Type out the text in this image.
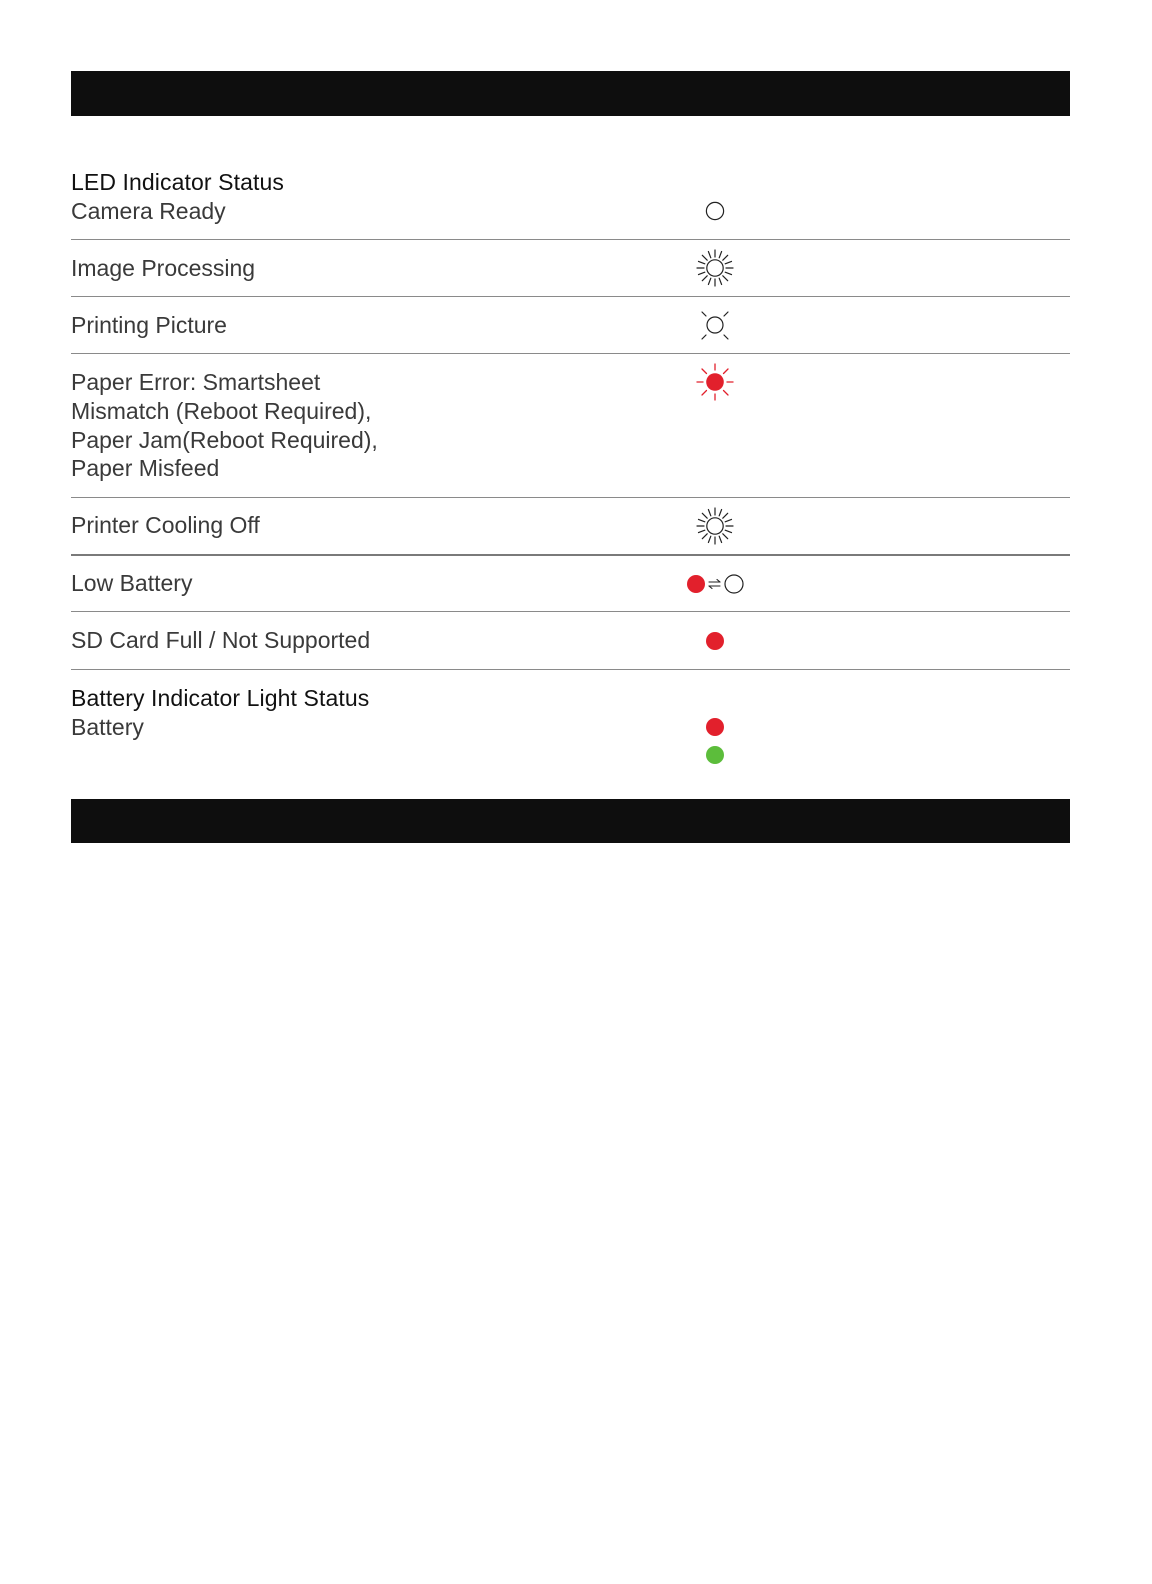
LED Indicator Status
Camera Ready
Image Processing
Printing Picture
Paper Error: Smartsheet
Mismatch (Reboot Required),
Paper Jam(Reboot Required),
Paper Misfeed
Printer Cooling Off
Low Battery
SD Card Full / Not Supported
Battery Indicator Light Status
Battery
